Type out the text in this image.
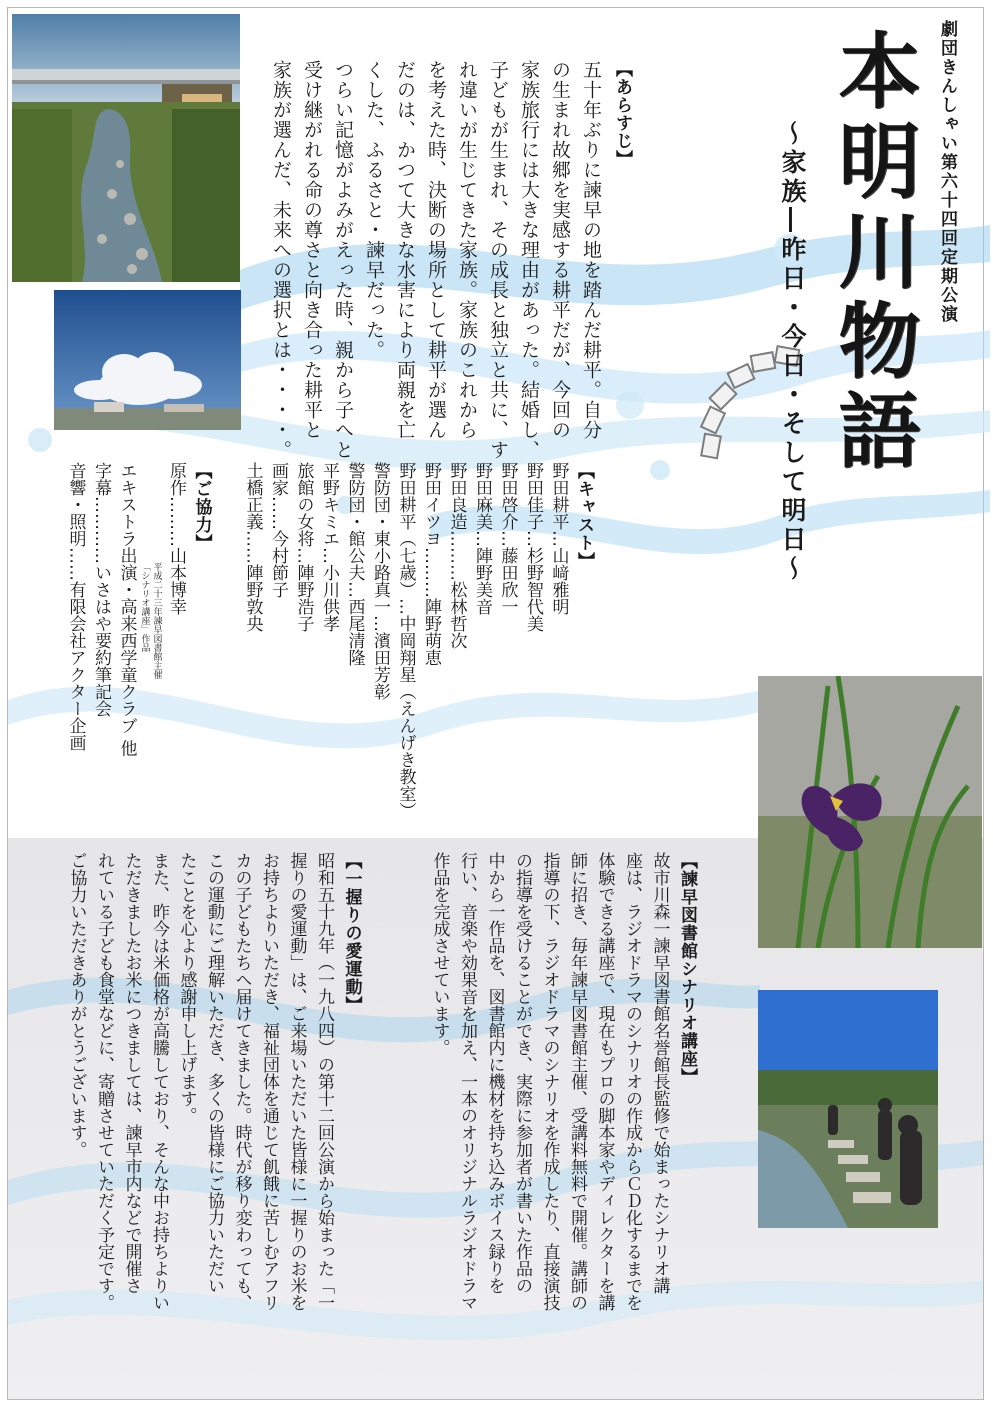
劇団きんしゃい第六十四回定期公演
本明川物語
～家族―昨日・今日・そして明日～
【あらすじ】
五十年ぶりに諫早の地を踏んだ耕平。自分
の生まれ故郷を実感する耕平だが、今回の
家族旅行には大きな理由があった。結婚し、
子どもが生まれ、その成長と独立と共に、す
れ違いが生じてきた家族。家族のこれから
を考えた時、決断の場所として耕平が選ん
だのは、かつて大きな水害により両親を亡
くした、ふるさと・諫早だった。
つらい記憶がよみがえった時、親から子へと
受け継がれる命の尊さと向き合った耕平と
家族が選んだ、未来への選択とは・・・・。
【キャスト】
野田耕平…山﨑雅明
野田佳子…杉野智代美
野田啓介…藤田欣一
野田麻美…陣野美音
野田良造………松林哲次
野田イツヨ………陣野萌恵
野田耕平（七歳）…中岡翔星（えんげき教室）
警防団・東小路真一…濱田芳彰
警防団・館公夫…西尾清隆
平野キミエ…小川供孝
旅館の女将…陣野浩子
画家……今村節子
土橋正義……陣野敦央
【ご協力】
原作………山本博幸
平成二十三年諫早図書館主催
「シナリオ講座」作品
エキストラ出演・高来西学童クラブ 他
字幕…………いさはや要約筆記会
音響・照明……有限会社アクター企画
【諫早図書館シナリオ講座】
故市川森一諫早図書館名誉館長監修で始まったシナリオ講
座は、ラジオドラマのシナリオの作成からＣＤ化するまでを
体験できる講座で、現在もプロの脚本家やディレクターを講
師に招き、毎年諫早図書館主催、受講料無料で開催。講師の
指導の下、ラジオドラマのシナリオを作成したり、直接演技
の指導を受けることができ、実際に参加者が書いた作品の
中から一作品を、図書館内に機材を持ち込みボイス録りを
行い、音楽や効果音を加え、一本のオリジナルラジオドラマ
作品を完成させています。
【一握りの愛運動】
昭和五十九年（一九八四）の第十二回公演から始まった「一
握りの愛運動」は、ご来場いただいた皆様に一握りのお米を
お持ちよりいただき、福祉団体を通じて飢餓に苦しむアフリ
カの子どもたちへ届けてきました。時代が移り変わっても、
この運動にご理解いただき、多くの皆様にご協力いただい
たことを心より感謝申し上げます。
また、昨今は米価格が高騰しており、そんな中お持ちよりい
ただきましたお米につきましては、諫早市内などで開催さ
れている子ども食堂などに、寄贈させていただく予定です。
ご協力いただきありがとうございます。
